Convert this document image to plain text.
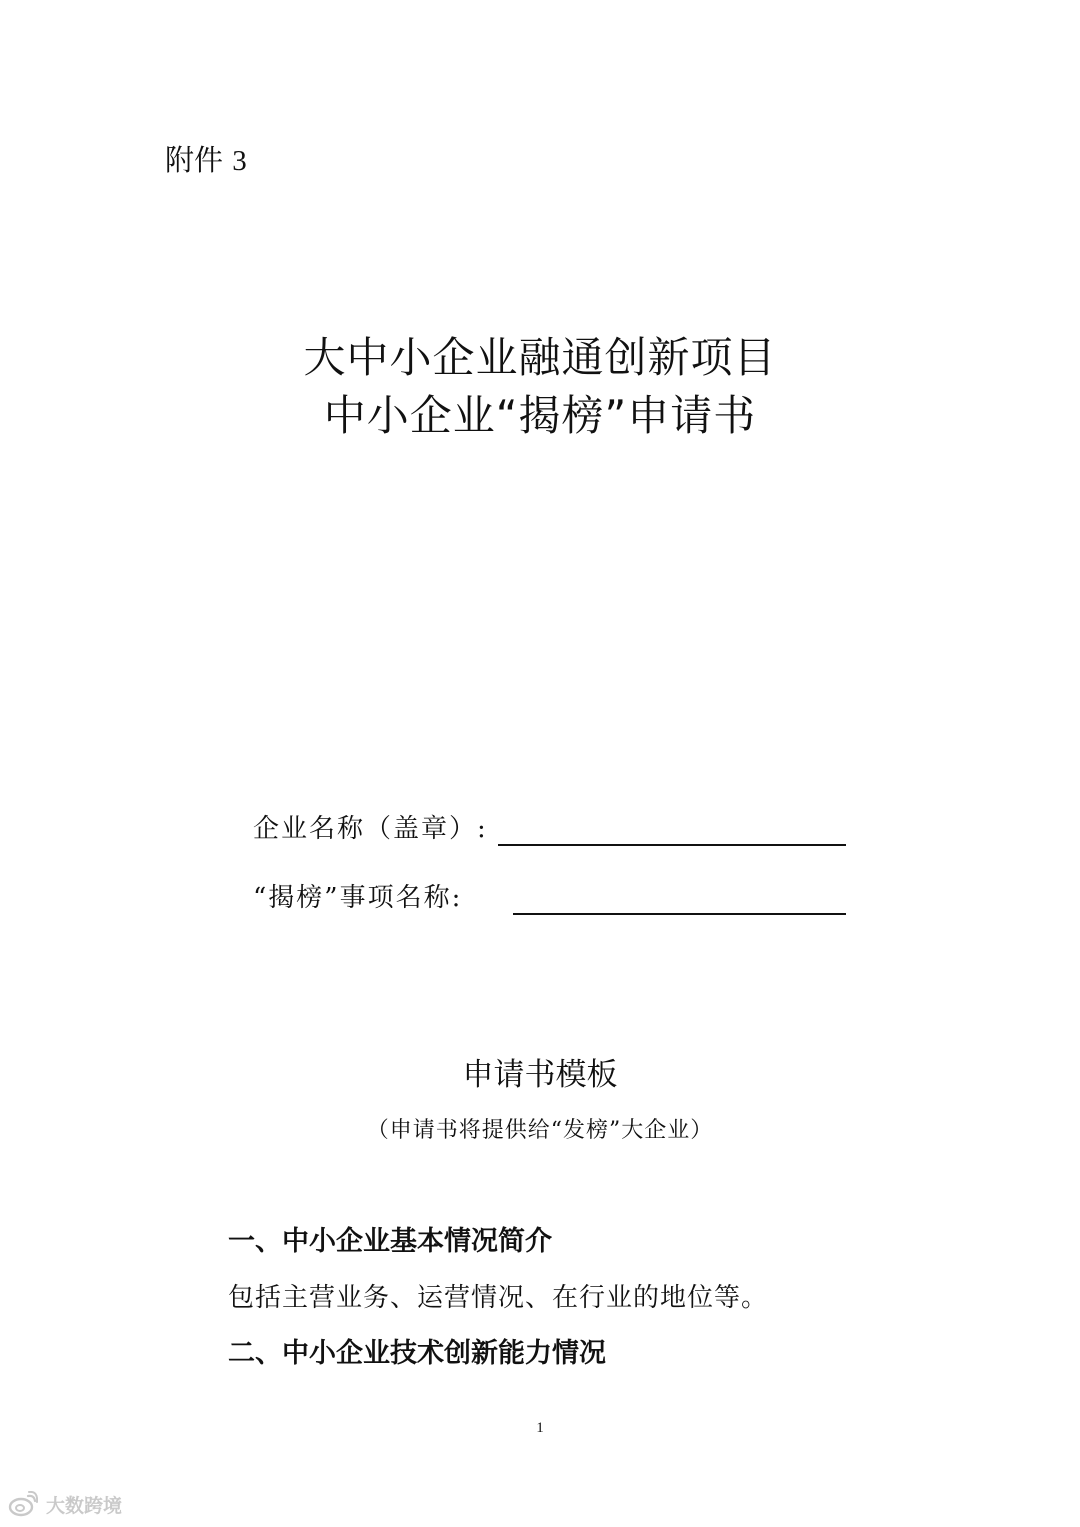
附件 3
大中小企业融通创新项目
中小企业“揭榜”申请书
企业名称（盖章）:
“揭榜”事项名称:
申请书模板
（申请书将提供给“发榜”大企业）
一、中小企业基本情况简介
包括主营业务、运营情况、在行业的地位等。
二、中小企业技术创新能力情况
1
大数跨境
